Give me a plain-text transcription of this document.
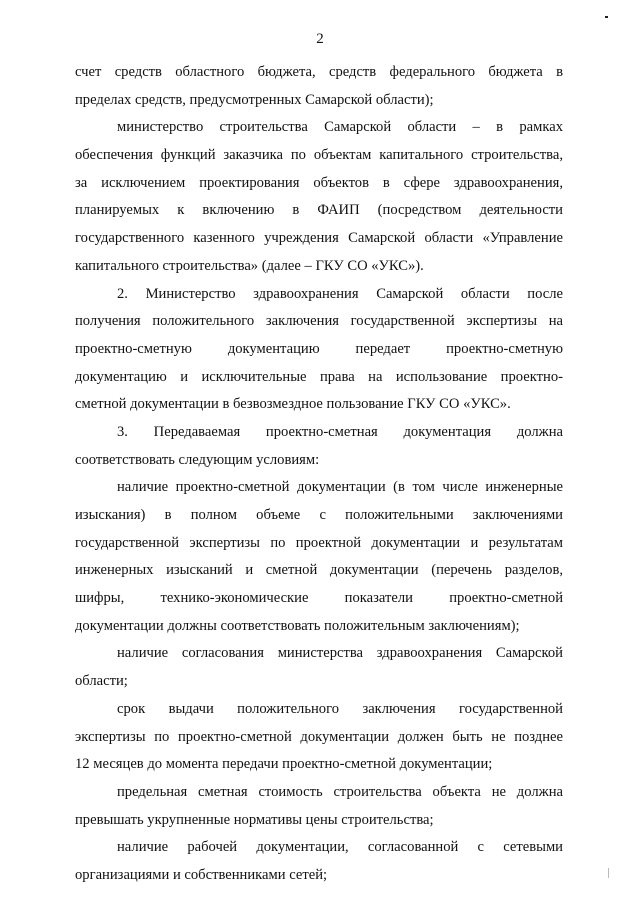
2
счет средств областного бюджета, средств федерального бюджета в
пределах средств, предусмотренных Самарской области);
министерство строительства Самарской области – в рамках
обеспечения функций заказчика по объектам капитального строительства,
за исключением проектирования объектов в сфере здравоохранения,
планируемых к включению в ФАИП (посредством деятельности
государственного казенного учреждения Самарской области «Управление
капитального строительства» (далее – ГКУ СО «УКС»).
2. Министерство здравоохранения Самарской области после
получения положительного заключения государственной экспертизы на
проектно-сметную документацию передает проектно-сметную
документацию и исключительные права на использование проектно-
сметной документации в безвозмездное пользование ГКУ СО «УКС».
3. Передаваемая проектно-сметная документация должна
соответствовать следующим условиям:
наличие проектно-сметной документации (в том числе инженерные
изыскания) в полном объеме с положительными заключениями
государственной экспертизы по проектной документации и результатам
инженерных изысканий и сметной документации (перечень разделов,
шифры, технико-экономические показатели проектно-сметной
документации должны соответствовать положительным заключениям);
наличие согласования министерства здравоохранения Самарской
области;
срок выдачи положительного заключения государственной
экспертизы по проектно-сметной документации должен быть не позднее
12 месяцев до момента передачи проектно-сметной документации;
предельная сметная стоимость строительства объекта не должна
превышать укрупненные нормативы цены строительства;
наличие рабочей документации, согласованной с сетевыми
организациями и собственниками сетей;
